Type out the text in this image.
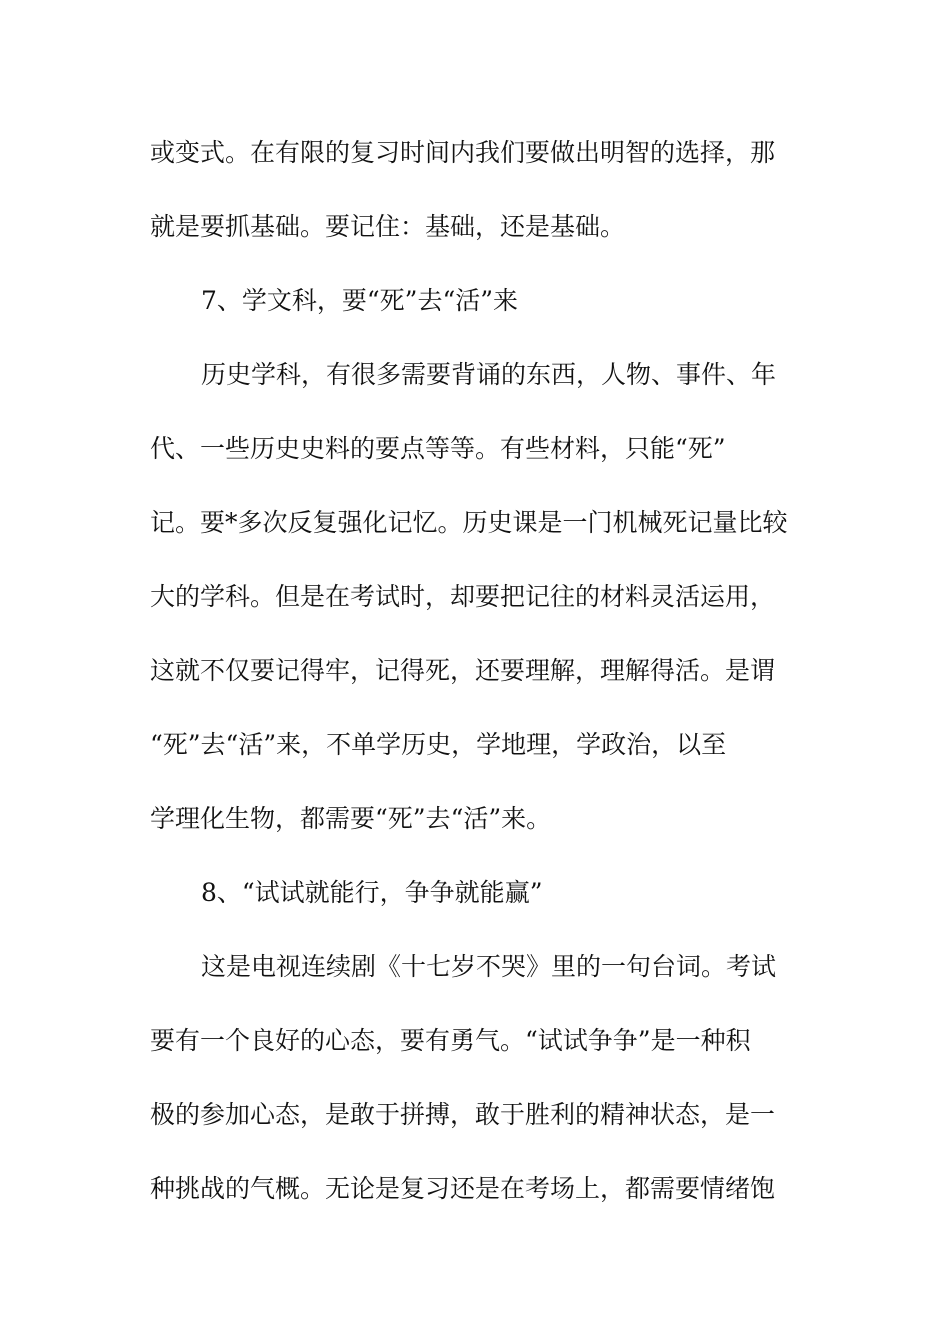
或变式。在有限的复习时间内我们要做出明智的选择，那
就是要抓基础。要记住：基础，还是基础。
7、学文科，要“死”去“活”来
历史学科，有很多需要背诵的东西，人物、事件、年
代、一些历史史料的要点等等。有些材料，只能“死”
记。要*多次反复强化记忆。历史课是一门机械死记量比较
大的学科。但是在考试时，却要把记往的材料灵活运用，
这就不仅要记得牢，记得死，还要理解，理解得活。是谓
“死”去“活”来，不单学历史，学地理，学政治，以至
学理化生物，都需要“死”去“活”来。
8、“试试就能行，争争就能赢”
这是电视连续剧《十七岁不哭》里的一句台词。考试
要有一个良好的心态，要有勇气。“试试争争”是一种积
极的参加心态，是敢于拼搏，敢于胜利的精神状态，是一
种挑战的气概。无论是复习还是在考场上，都需要情绪饱
